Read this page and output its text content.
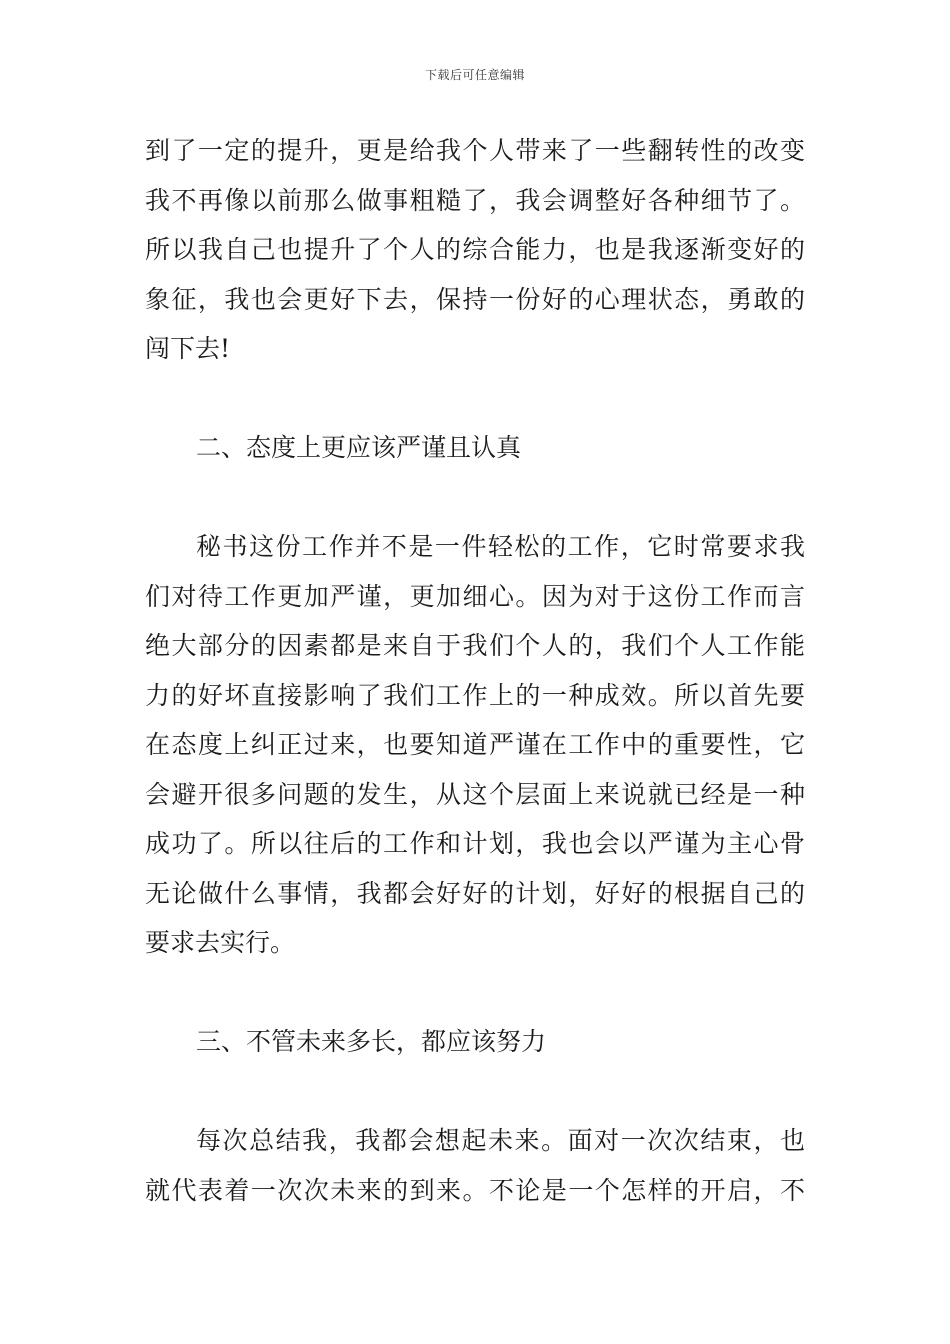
下载后可任意编辑
到了一定的提升，更是给我个人带来了一些翻转性的改变
我不再像以前那么做事粗糙了，我会调整好各种细节了。
所以我自己也提升了个人的综合能力，也是我逐渐变好的
象征，我也会更好下去，保持一份好的心理状态，勇敢的
闯下去!
二、态度上更应该严谨且认真
秘书这份工作并不是一件轻松的工作，它时常要求我
们对待工作更加严谨，更加细心。因为对于这份工作而言
绝大部分的因素都是来自于我们个人的，我们个人工作能
力的好坏直接影响了我们工作上的一种成效。所以首先要
在态度上纠正过来，也要知道严谨在工作中的重要性，它
会避开很多问题的发生，从这个层面上来说就已经是一种
成功了。所以往后的工作和计划，我也会以严谨为主心骨
无论做什么事情，我都会好好的计划，好好的根据自己的
要求去实行。
三、不管未来多长，都应该努力
每次总结我，我都会想起未来。面对一次次结束，也
就代表着一次次未来的到来。不论是一个怎样的开启，不
